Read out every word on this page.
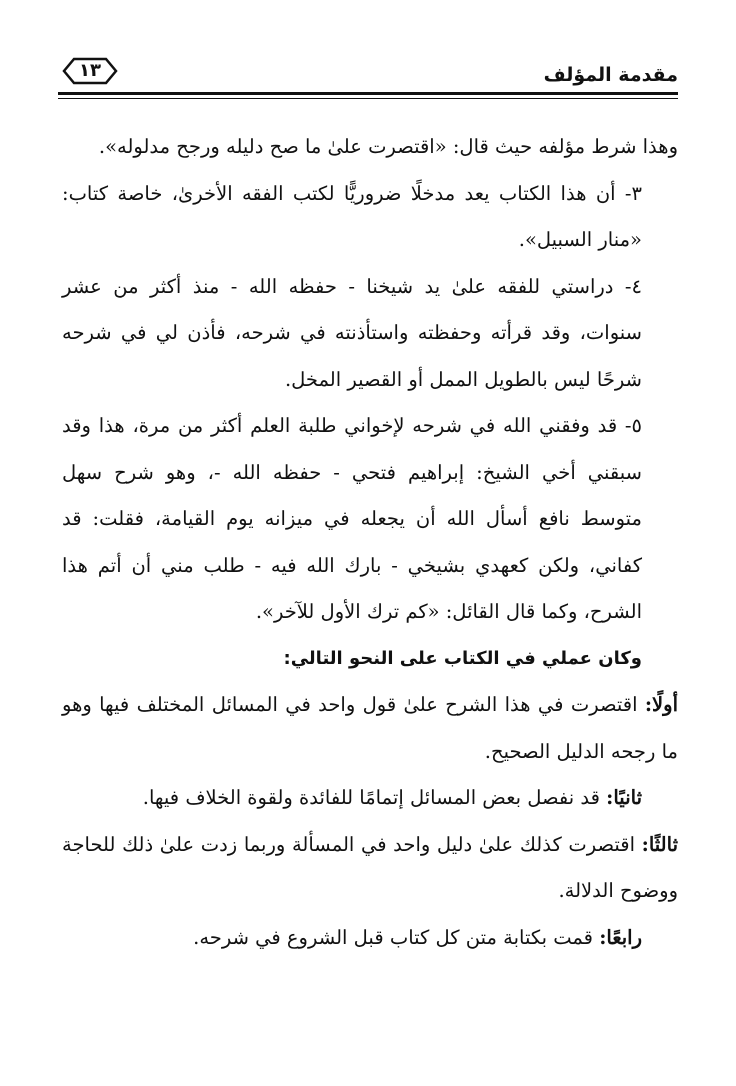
مقدمة المؤلف
١٣

وهذا شرط مؤلفه حيث قال: «اقتصرت علىٰ ما صح دليله ورجح مدلوله».

٣- أن هذا الكتاب يعد مدخلًا ضروريًّا لكتب الفقه الأخرىٰ، خاصة كتاب: «منار السبيل».

٤- دراستي للفقه علىٰ يد شيخنا - حفظه الله - منذ أكثر من عشر سنوات، وقد قرأته وحفظته واستأذنته في شرحه، فأذن لي في شرحه شرحًا ليس بالطويل الممل أو القصير المخل.

٥- قد وفقني الله في شرحه لإخواني طلبة العلم أكثر من مرة، هذا وقد سبقني أخي الشيخ: إبراهيم فتحي - حفظه الله -، وهو شرح سهل متوسط نافع أسأل الله أن يجعله في ميزانه يوم القيامة، فقلت: قد كفاني، ولكن كعهدي بشيخي - بارك الله فيه - طلب مني أن أتم هذا الشرح، وكما قال القائل: «كم ترك الأول للآخر».

وكان عملي في الكتاب على النحو التالي:

أولًا: اقتصرت في هذا الشرح علىٰ قول واحد في المسائل المختلف فيها وهو ما رجحه الدليل الصحيح.

ثانيًا: قد نفصل بعض المسائل إتمامًا للفائدة ولقوة الخلاف فيها.

ثالثًا: اقتصرت كذلك علىٰ دليل واحد في المسألة وربما زدت علىٰ ذلك للحاجة ووضوح الدلالة.

رابعًا: قمت بكتابة متن كل كتاب قبل الشروع في شرحه.
